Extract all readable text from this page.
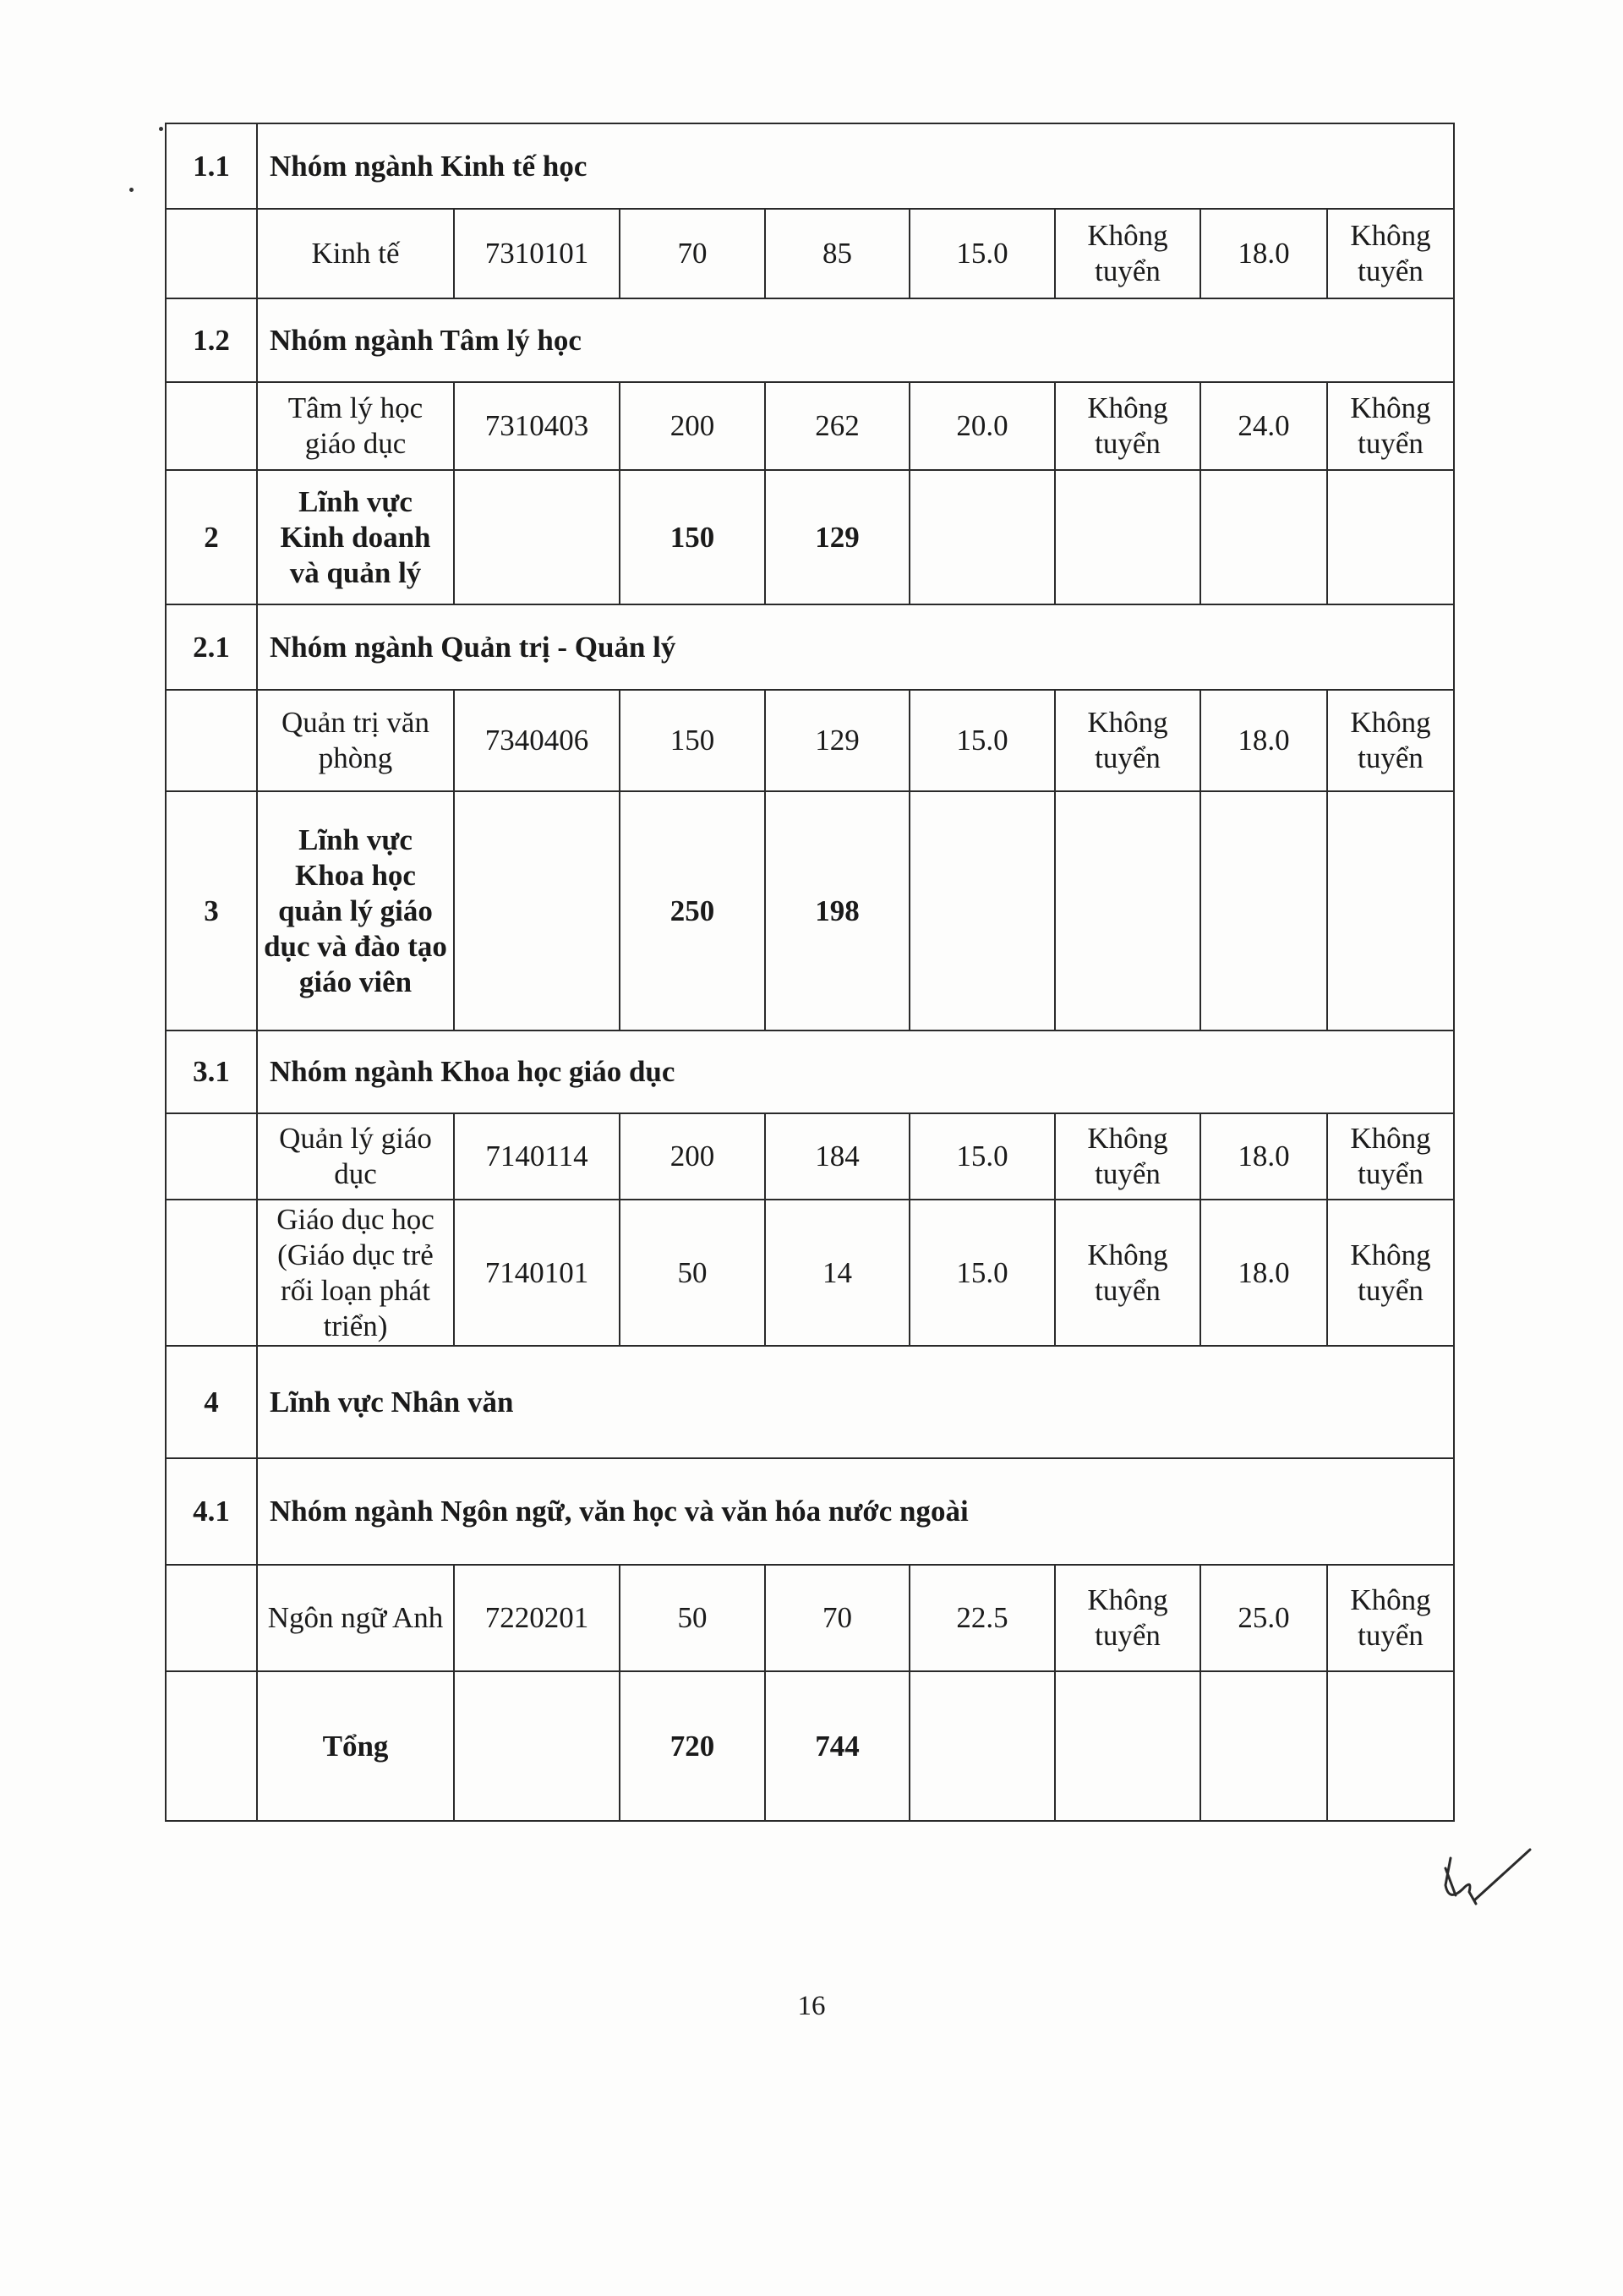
1.1	Nhóm ngành Kinh tế học							
	Kinh tế	7310101	70	85	15.0	Không tuyển	18.0	Không tuyển
1.2	Nhóm ngành Tâm lý học							
	Tâm lý học giáo dục	7310403	200	262	20.0	Không tuyển	24.0	Không tuyển
2	Lĩnh vực Kinh doanh và quản lý		150	129				
2.1	Nhóm ngành Quản trị - Quản lý							
	Quản trị văn phòng	7340406	150	129	15.0	Không tuyển	18.0	Không tuyển
3	Lĩnh vực Khoa học quản lý giáo dục và đào tạo giáo viên		250	198				
3.1	Nhóm ngành Khoa học giáo dục							
	Quản lý giáo dục	7140114	200	184	15.0	Không tuyển	18.0	Không tuyển
	Giáo dục học (Giáo dục trẻ rối loạn phát triển)	7140101	50	14	15.0	Không tuyển	18.0	Không tuyển
4	Lĩnh vực Nhân văn							
4.1	Nhóm ngành Ngôn ngữ, văn học và văn hóa nước ngoài							
	Ngôn ngữ Anh	7220201	50	70	22.5	Không tuyển	25.0	Không tuyển
	Tổng		720	744				
16
